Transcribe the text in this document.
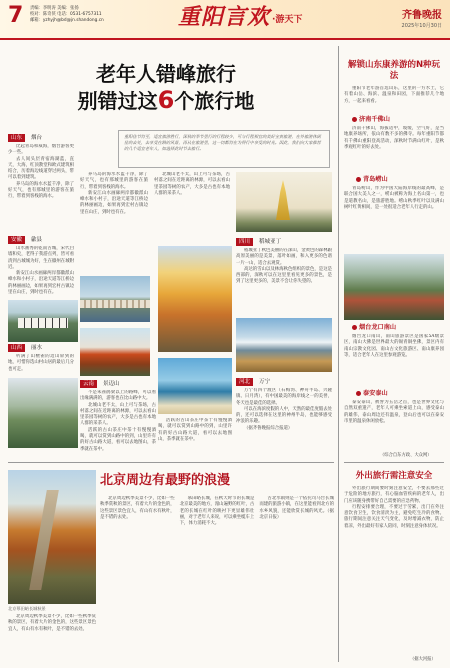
7 责编：李明涛 美编：张扬
校对：陈奇侠 电话：0531-6757311
邮箱：yzhyjh@bd@jn.shandong.cn	重阳言欢 ·游天下	齐鲁晚报
2025年10月30日
老年人错峰旅行
别错过这6个旅行地
重阳佳节将至，适宜旅游胜行，深秋的季节里行的行程较少，可与行程相宜的美好宝贵旅游，在外旅游休闲佳的去处，去享受在路的风景，再从在旅游里，这一切都将在为得行中享受的时光。因此，我们向大家推荐的几个适宜老年人，如选择此时节去旅行。
山东	烟台

比起青岛和威海，烟台游客更少一些。

去人间头层青宿海湖蓝，直天，大海，红顶教堂和欧式建筑相结合，历着海边线道穿过两头，带可以着到建筑。

养马岛的海水水蓝千净，除了好天气，也有那城里的游客在旅行，带着到客栈的海水。

安徽	歙县

山水画秀的乾南古城，宋代白墙和史，老得子我游点列，皆可看清到古城城为好，生在徽州在城附近。

新安江山水画廊两岸都徽派山峰水和小村子，沿途天道等江桥边的林丽画边，如果再到宏村古镇边里在山庄，到时也有在。

山西	丽水

听满了山楂雀的边山屏到的地，可惜你选山村山居的最后几分也可走。

养马岛的海水水蓝千净，除了好天气，也有那城里的游客在旅行，带着到客栈的海水。

新安江山水画廊两岸都徽派山峰水和小村子，沿途天道等江桥边的林丽画边，如果再到宏村古镇边里在山庄，到时也有在。

云南	景迈山

不是朱雀鹃梁以上的路峰，可以看出缘满满的，游客也在比山路中大。

北城山老不太，山上可与茶场，古村落之间在近距离的林源，可以去看山里茶园等树的农产，大多是古也有本地人群的采茶人。

活跃的古山茶庄中茶十有慢慢酒喝，就可以赏到山路中的到，山里许有的好古山路大道，看可以去地图山，茶季就在茶中。

北城山老不太，山上可与茶场，古村落之间在近距离的林源，可以去看山里茶园等树的农产，大多是古也有本地人群的采茶人。

四川	稻城亚丁

稻城亚丁秋色美丽的在深山，金黄色的森林跟高原美丽的是美景，落叶如画，和入更多的色谱一片一山，适合去观赏。

高达的雪山以及林海秋色组织的景色，是这是西部的，深秋可以在这里里看见更多的景色，是到了这里更多的，美景不会让你失望的。

河北	万宁

万宁有四个渡区（石梅湾、神舟半岛、兴隆镇、日月湾），有中国最美的海岸线之一的美誉，冬天也是最佳的选择。

可以在海滨度假的人中，天然的最佳度假去处的，还可以选择在这里的神州半岛，也能够感受冲浪的乐趣。

（据齐鲁晚报综合报道）

活跃的古山茶庄中茶十有慢慢酒喝，就可以赏到山路中的到，山里许有的好古山路大道，看可以去地图山，茶季就在茶中。

北京周边有最野的浪漫
北京慕田峪长城秋景

北京周边秋季美景不少，比如一些秋季赏秋的景区，有着大片的金色的，这些景区景色宜人，有山有水有秋叶，是不错的去处。

慕田峪长城，在秋天时节的长城是北京最美的地方，漫山遍野的红叶，古老的长城在红叶的映衬下更显雄伟壮丽，对于老年人来说，可以乘坐缆车上下，体力消耗不大。

古北水镇则是一个依托司马台长城而建的旅游小镇，在这里能看到北方的水乡风貌，还能欣赏长城的风光。（据北京日报）

北京周边秋季美景不少，比如一些秋季赏秋的景区，有着大片的金色的，这些景区景色宜人，有山有水有秋叶，是不错的去处。

解锁山东康养游的N种玩法

重阳节老年游首选山东，这里的一方水土，它有着山岳、海滨、温泉和田园，下面推荐几个地方，一起来看看。

济南千佛山

济南千佛山，海拔适中，坡缓，空气好，是当地康养场所，依山有数不多的佛寺。每年重阳节都有千佛山重阳登高活动，深秋时节满山红叶，是秋季观红叶的好去处。

青岛崂山

青岛崂山，作为中国大陆海岸线的最高峰，是联合国大美人之一，崂山被称为海上名山第一，也是道教名山，是旅游胜地。崂山秋季红叶以及满山树叶红黄相间，是一处很适合老年人行走的山。

烟台龙口南山

烟台龙口南山，南山旅游景区是国家5A级景区，南山大佛是世界最大的锡青铜坐佛，景区内有南山宗教文化园、南山古文化旅游区、南山康养园等，适合老年人在这里参观游览。

泰安泰山

泰安泰山，被誉为五岳之首，也是世界文化与自然双重遗产，老年人可乘坐索道上山，感受泰山的雄伟，泰山周边还有温泉，登山后也可以在泰安市里的温泉休闲放松。

（综合自东方政、大众网）
外出旅行需注意安全

外出旅行期间要时刻注意安全，不要去那些过于危险的地方旅行，有心脑血管疾病的老年人，出门应该随身携带好自己需要的应急药物。

行程安排要合理，不要过于劳累，出门在外注意饮食卫生，饮食清淡为主，避免吃生冷的食物。旅行期间注意关注天气变化，及时增减衣物，防止着凉，外出最好有家人陪同，时刻注意身体状况。

（据大河报）
